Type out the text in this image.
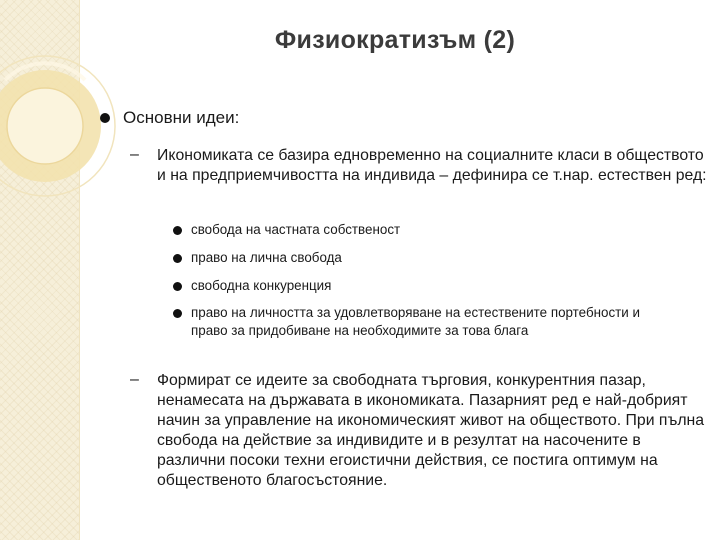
Физиократизъм (2)
Основни идеи:
– Икономиката се базира едновременно на социалните класи в обществото и на предприемчивостта на индивида – дефинира се т.нар. естествен ред:
свобода на частната собственост
право на лична свобода
свободна конкуренция
право на личността за удовлетворяване на естествените портебности и право за придобиване на необходимите за това блага
– Формират се идеите за свободната търговия, конкурентния пазар, ненамесата на държавата в икономиката. Пазарният ред е най-добрият начин за управление на икономическият живот на обществото. При пълна свобода на действие за индивидите и в резултат на насочените в различни посоки техни егоистични действия, се постига оптимум на общественото благосъстояние.
